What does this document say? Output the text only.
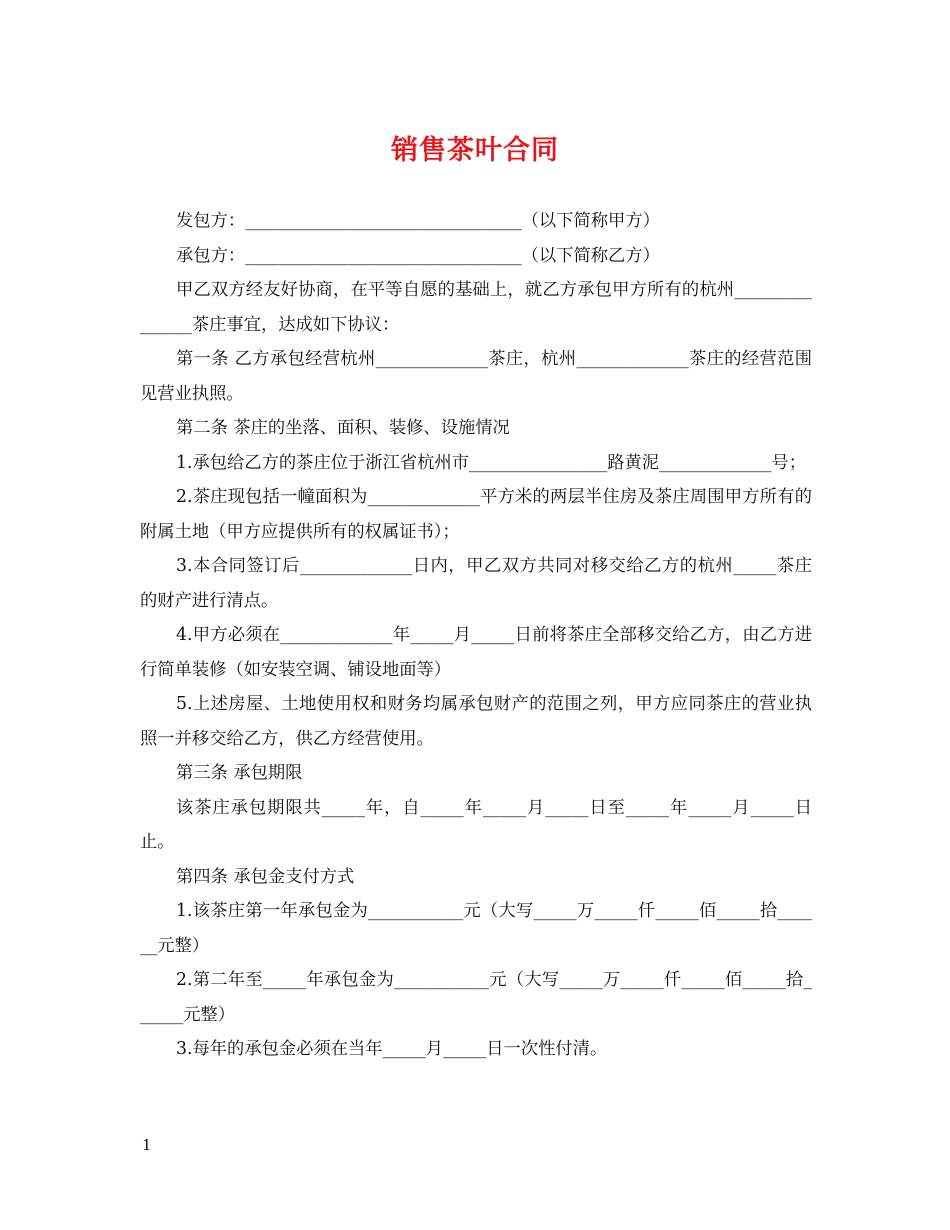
销售茶叶合同

发包方：________________________________（以下简称甲方）

承包方：________________________________（以下简称乙方）

甲乙双方经友好协商，在平等自愿的基础上，就乙方承包甲方所有的杭州_______________茶庄事宜，达成如下协议：

第一条 乙方承包经营杭州_____________茶庄，杭州_____________茶庄的经营范围见营业执照。

第二条 茶庄的坐落、面积、装修、设施情况

1.承包给乙方的茶庄位于浙江省杭州市________________路黄泥_____________号；

2.茶庄现包括一幢面积为_____________平方米的两层半住房及茶庄周围甲方所有的附属土地（甲方应提供所有的权属证书）；

3.本合同签订后_____________日内，甲乙双方共同对移交给乙方的杭州_____茶庄的财产进行清点。

4.甲方必须在_____________年_____月_____日前将茶庄全部移交给乙方，由乙方进行简单装修（如安装空调、铺设地面等）

5.上述房屋、土地使用权和财务均属承包财产的范围之列，甲方应同茶庄的营业执照一并移交给乙方，供乙方经营使用。

第三条 承包期限

该茶庄承包期限共_____年，自_____年_____月_____日至_____年_____月_____日止。

第四条 承包金支付方式

1.该茶庄第一年承包金为___________元（大写_____万_____仟_____佰_____拾______元整）

2.第二年至_____年承包金为___________元（大写_____万_____仟_____佰_____拾______元整）

3.每年的承包金必须在当年_____月_____日一次性付清。

1
